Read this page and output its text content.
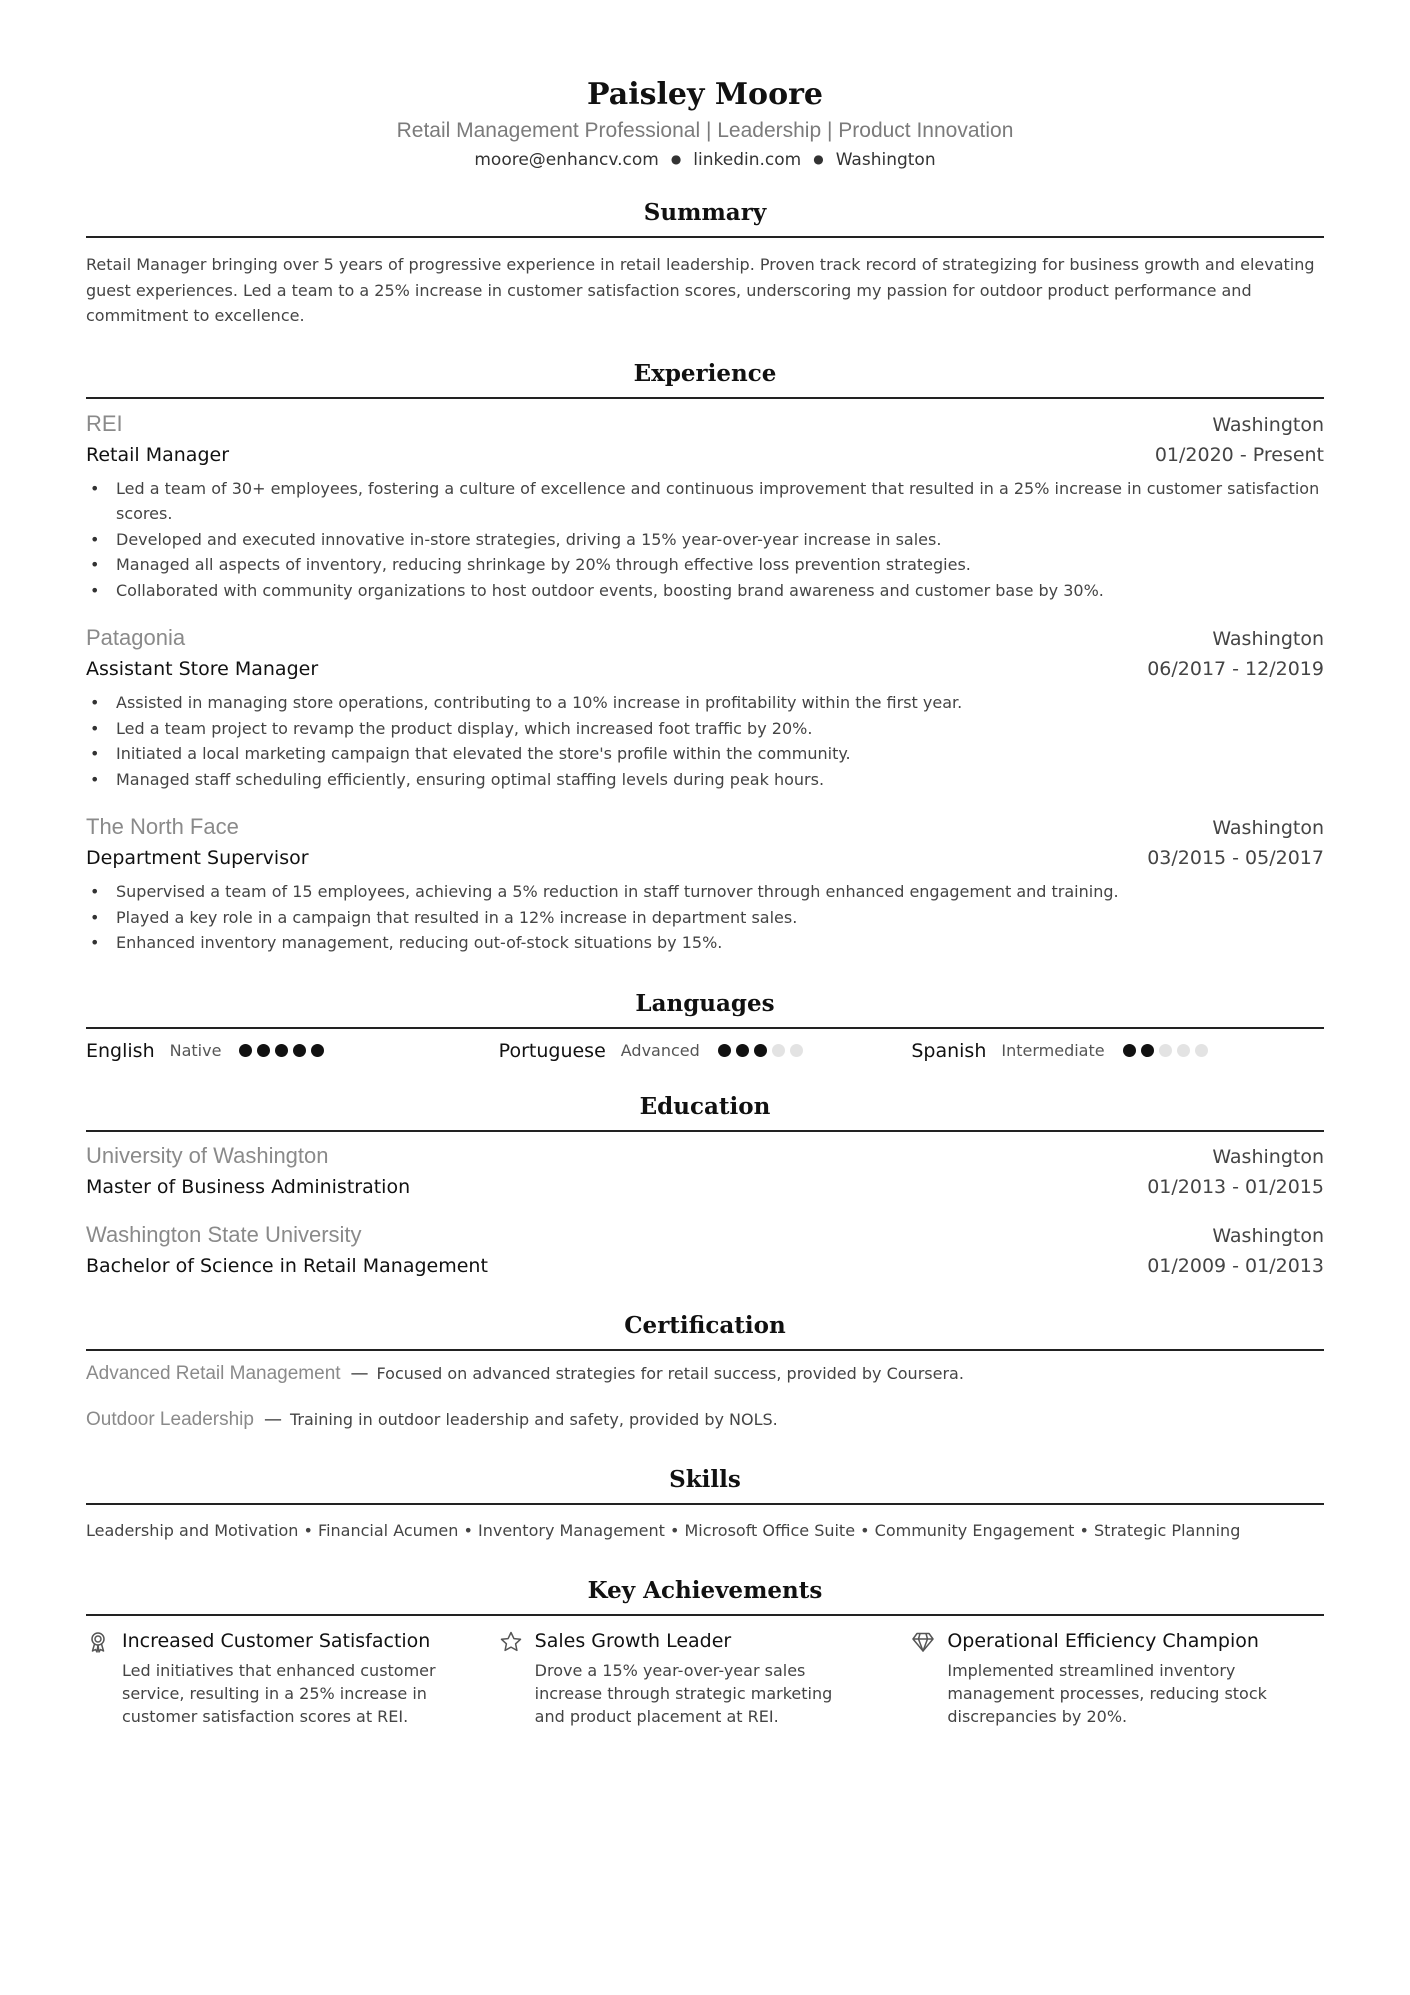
Paisley Moore
Retail Management Professional | Leadership | Product Innovation
moore@enhancv.com ● linkedin.com ● Washington
Summary
Retail Manager bringing over 5 years of progressive experience in retail leadership. Proven track record of strategizing for business growth and elevating guest experiences. Led a team to a 25% increase in customer satisfaction scores, underscoring my passion for outdoor product performance and commitment to excellence.
Experience
REI	Washington
Retail Manager	01/2020 - Present
• Led a team of 30+ employees, fostering a culture of excellence and continuous improvement that resulted in a 25% increase in customer satisfaction scores.
• Developed and executed innovative in-store strategies, driving a 15% year-over-year increase in sales.
• Managed all aspects of inventory, reducing shrinkage by 20% through effective loss prevention strategies.
• Collaborated with community organizations to host outdoor events, boosting brand awareness and customer base by 30%.
Patagonia	Washington
Assistant Store Manager	06/2017 - 12/2019
• Assisted in managing store operations, contributing to a 10% increase in profitability within the first year.
• Led a team project to revamp the product display, which increased foot traffic by 20%.
• Initiated a local marketing campaign that elevated the store's profile within the community.
• Managed staff scheduling efficiently, ensuring optimal staffing levels during peak hours.
The North Face	Washington
Department Supervisor	03/2015 - 05/2017
• Supervised a team of 15 employees, achieving a 5% reduction in staff turnover through enhanced engagement and training.
• Played a key role in a campaign that resulted in a 12% increase in department sales.
• Enhanced inventory management, reducing out-of-stock situations by 15%.
Languages
English Native	Portuguese Advanced	Spanish Intermediate
Education
University of Washington	Washington
Master of Business Administration	01/2013 - 01/2015
Washington State University	Washington
Bachelor of Science in Retail Management	01/2009 - 01/2013
Certification
Advanced Retail Management — Focused on advanced strategies for retail success, provided by Coursera.
Outdoor Leadership — Training in outdoor leadership and safety, provided by NOLS.
Skills
Leadership and Motivation • Financial Acumen • Inventory Management • Microsoft Office Suite • Community Engagement • Strategic Planning
Key Achievements
Increased Customer Satisfaction
Led initiatives that enhanced customer service, resulting in a 25% increase in customer satisfaction scores at REI.
Sales Growth Leader
Drove a 15% year-over-year sales increase through strategic marketing and product placement at REI.
Operational Efficiency Champion
Implemented streamlined inventory management processes, reducing stock discrepancies by 20%.
